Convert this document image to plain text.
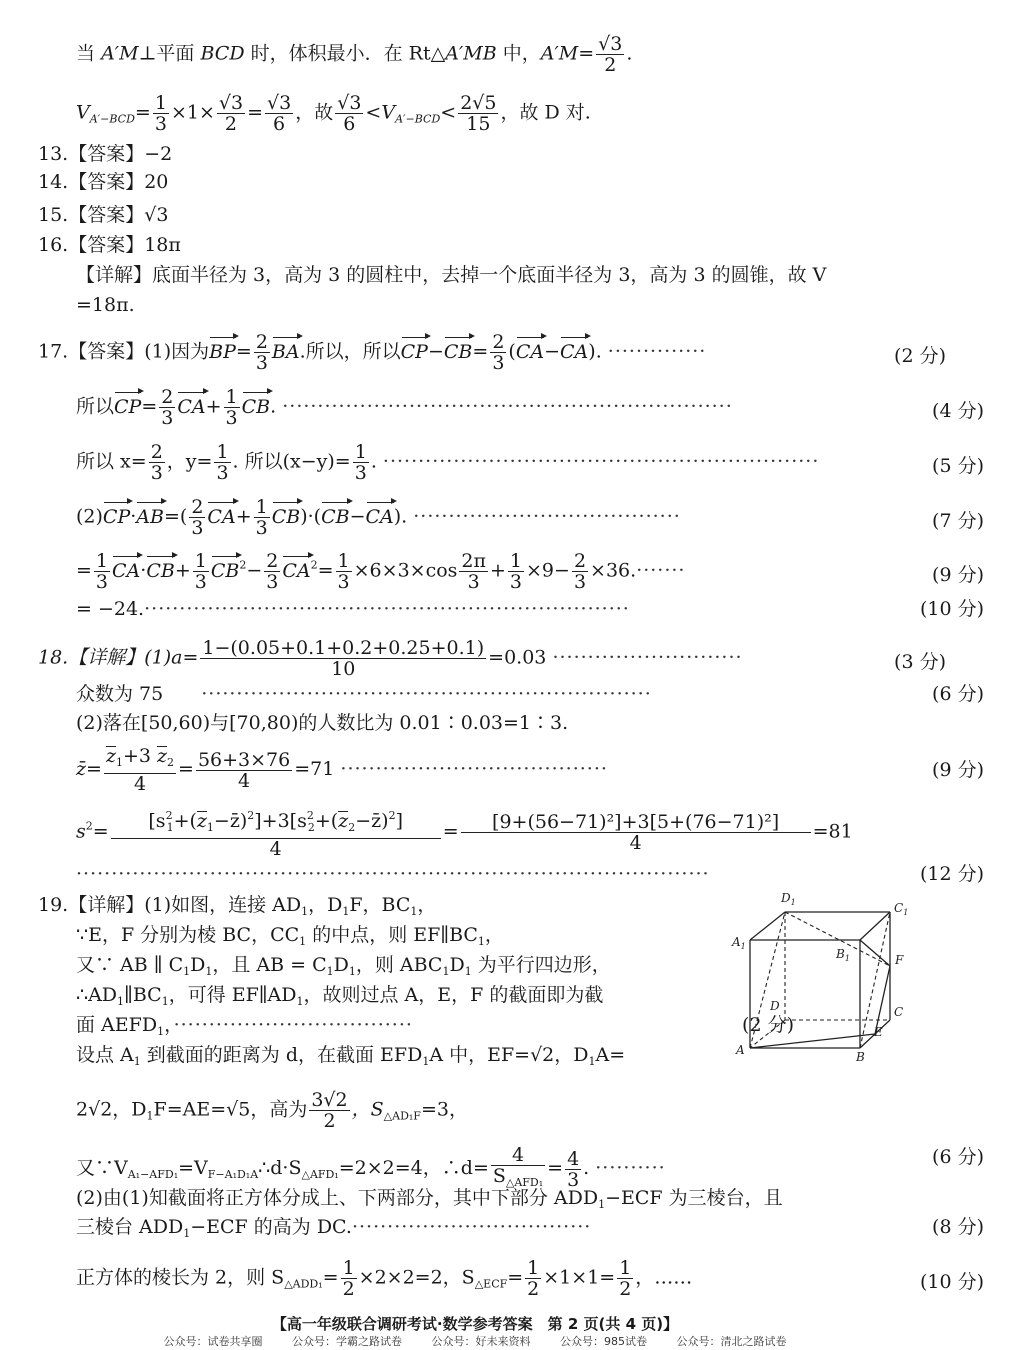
当 A′M⊥平面 BCD 时，体积最小．在 Rt△A′MB 中，$A'M= \frac{√3}{2}$ .
$V_{A'-BCD}= \frac{1}{3} \times 1\times \frac{√3}{2} = \frac{√3}{6}$ ，故 $\frac{√3}{6} <V_{A'-BCD}< \frac{2√5}{15}$ ，故 D 对.
13.【答案】−2
14.【答案】20
15.【答案】√3
16.【答案】18π
【详解】底面半径为 3，高为 3 的圆柱中，去掉一个底面半径为 3，高为 3 的圆锥，故 V
=18π.
17.【答案】(1)因为$BP= \frac{2}{3}$ BA.所以，所以$CP-CB= \frac{2}{3} (CA-CA)$. ··············	(2 分)
所以$CP= \frac{2}{3} CA+ \frac{1}{3}$ CB. ································································	(4 分)
所以 $x= \frac{2}{3}$ ，$y= \frac{1}{3}$ . 所以$(x-y)= \frac{1}{3}$ . ······························································	(5 分)
$(2)CP\cdot AB=( \frac{2}{3} CA+ \frac{1}{3} CB)\cdot(CB-CA)$. ······································	(7 分)
= $\frac{1}{3} CA\cdot CB+ \frac{1}{3} CB^2- \frac{2}{3} CA^2= \frac{1}{3} \times 6\times 3\times\cos \frac{2\pi}{3} + \frac{1}{3} \times 9- \frac{2}{3} \times 36.\cdot\cdot\cdot\cdot\cdot\cdot\cdot$	(9 分)
= −24.·····································································	(10 分)
18.【详解】$(1)a= \frac{1-(0.05+0.1+0.2+0.25+0.1)}{10} =0.03$ ···························	(3 分)
众数为 75　　 ································································	(6 分)
(2)落在[50,60)与[70,80)的人数比为 0.01∶0.03=1∶3.
z̄= $\frac{z_1+3 z_2}{4} = \frac{56+3\times 76}{4} =71$ ······································	(9 分)
$s^2= \frac{[s^2_1+(z_1-z̄)^2]+3[s^2_2+(z_2-z̄)^2]}{4} = \frac{\text{[9+(56−71)²]+3[5+(76−71)²]}}{4} =81$
··························································································	(12 分)
19.【详解】(1)如图，连接 $AD_1$，$D_1F$，$BC_1$，
∵E，F 分别为棱 BC，$CC_1$ 的中点，则 $EF\parallel BC_1$，
又∵ AB ∥ $C_1D_1$，且 AB = $C_1D_1$，则 $ABC_1D_1$ 为平行四边形，
$\therefore AD_1\parallel BC_1$，可得 $EF\parallel AD_1$，故则过点 A，E，F 的截面即为截
面 $AEFD_1$，··································	(2 分)
设点 $A_1$ 到截面的距离为 d，在截面 $EFD_1A$ 中，EF=√2，$D_1A=$
2√2，$D_1F=AE=√5$，高为 $\frac{3√2}{2}$ ，$S_{\triangle AD_1F}=3$，
又$\because V_{A_1-AFD_1}=V_{F-A_1D_1A}\therefore d\cdot S_{\triangle AFD_1}=2\times 2=4$，∴d= $\frac{4}{S_{\triangle AFD_1}} = \frac{4}{3}$ . ··········	(6 分)
(2)由(1)知截面将正方体分成上、下两部分，其中下部分 $ADD_1-ECF$ 为三棱台，且
三棱台 $ADD_1-ECF$ 的高为 DC.··································	(8 分)
正方体的棱长为 2，则 $S_{\triangle ADD_1}= \frac{1}{2} \times 2\times 2=2$，$S_{\triangle ECF}= \frac{1}{2} \times 1\times 1= \frac{1}{2}$ ，……	(10 分)
$D_1$	$C_1$
$A_1$
$B_1$	F
D	C
E
A	B
【高一年级联合调研考试·数学参考答案　第 2 页(共 4 页)】
公众号：试卷共享圈　　	公众号：学霸之路试卷　　	公众号：好未来资料　　	公众号：985试卷　　	公众号：清北之路试卷
